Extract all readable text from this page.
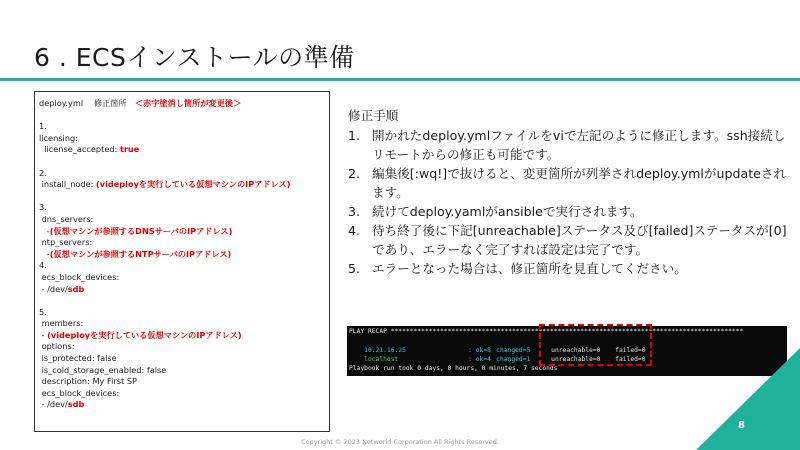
6 . ECSインストールの準備
deploy.yml　 修正箇所　＜赤字塗消し箇所が変更後＞
1.
licensing:
license_accepted: true
2.
install_node: (videployを実行している仮想マシンのIPアドレス)
3.
dns_servers:
-(仮想マシンが参照するDNSサーバのIPアドレス)
ntp_servers:
-(仮想マシンが参照するNTPサーバのIPアドレス)
4.
ecs_block_devices:
- /dev/sdb
5.
members:
- (videployを実行している仮想マシンのIPアドレス)
options:
is_protected: false
is_cold_storage_enabled: false
description: My First SP
ecs_block_devices:
- /dev/sdb
修正手順
1. 開かれたdeploy.ymlファイルをviで左記のように修正します。ssh接続しリモートからの修正も可能です。
2. 編集後[:wq!]で抜けると、変更箇所が列挙されdeploy.ymlがupdateされます。
3. 続けてdeploy.yamlがansibleで実行されます。
4. 待ち終了後に下記[unreachable]ステータス及び[failed]ステータスが[0]であり、エラーなく完了すれば設定は完了です。
5. エラーとなった場合は、修正箇所を見直してください。
PLAY RECAP *********************************************************************************************

10.21.16.25	: ok=8 changed=5	unreachable=0 failed=0

localhost	: ok=4 changed=1	unreachable=0 failed=0

Playbook run took 0 days, 0 hours, 0 minutes, 7 seconds
8
Copyright © 2023 Networld Corporation All Rights Reserved.
